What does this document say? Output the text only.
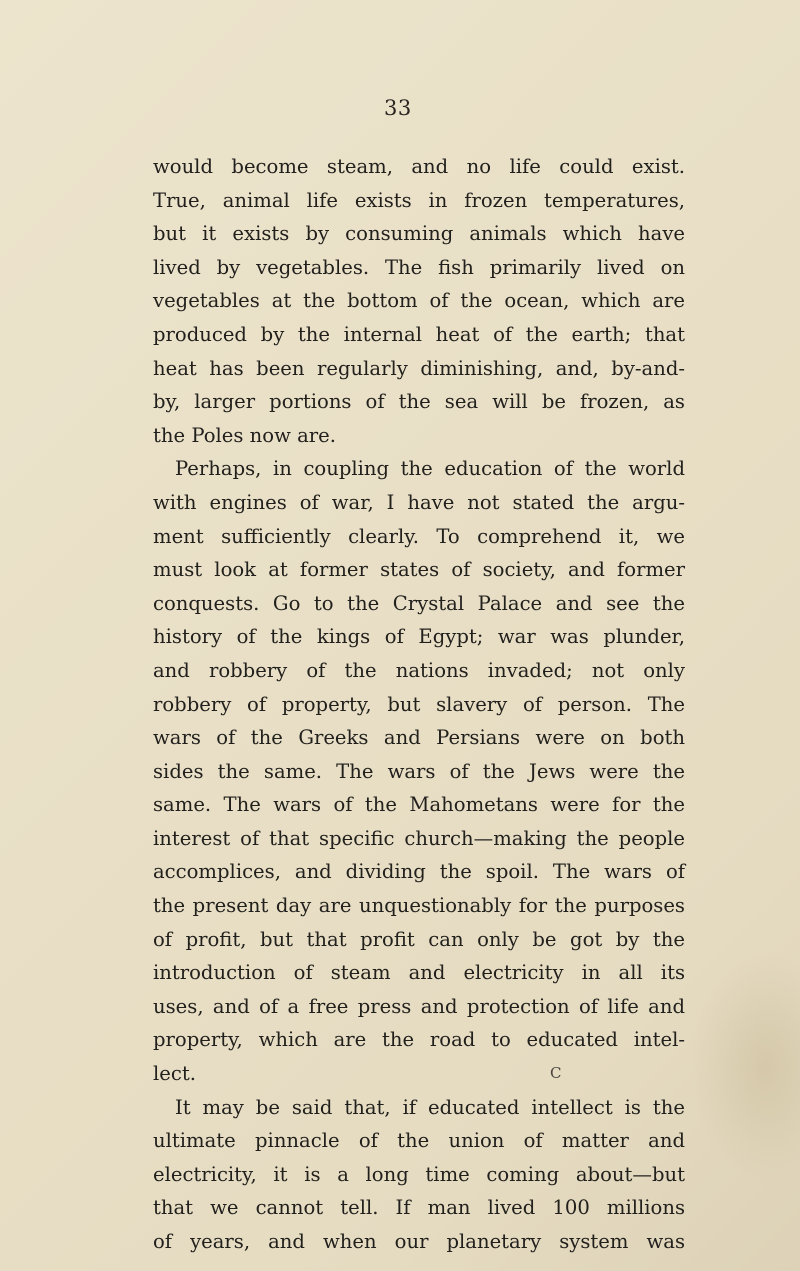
33
would become steam, and no life could exist.
True, animal life exists in frozen temperatures,
but it exists by consuming animals which have
lived by vegetables. The fish primarily lived on
vegetables at the bottom of the ocean, which are
produced by the internal heat of the earth; that
heat has been regularly diminishing, and, by-and-
by, larger portions of the sea will be frozen, as
the Poles now are.
Perhaps, in coupling the education of the world
with engines of war, I have not stated the argu-
ment sufficiently clearly. To comprehend it, we
must look at former states of society, and former
conquests. Go to the Crystal Palace and see the
history of the kings of Egypt; war was plunder,
and robbery of the nations invaded; not only
robbery of property, but slavery of person. The
wars of the Greeks and Persians were on both
sides the same. The wars of the Jews were the
same. The wars of the Mahometans were for the
interest of that specific church—making the people
accomplices, and dividing the spoil. The wars of
the present day are unquestionably for the purposes
of profit, but that profit can only be got by the
introduction of steam and electricity in all its
uses, and of a free press and protection of life and
property, which are the road to educated intel-
lect.
It may be said that, if educated intellect is the
ultimate pinnacle of the union of matter and
electricity, it is a long time coming about—but
that we cannot tell. If man lived 100 millions
of years, and when our planetary system was
C
